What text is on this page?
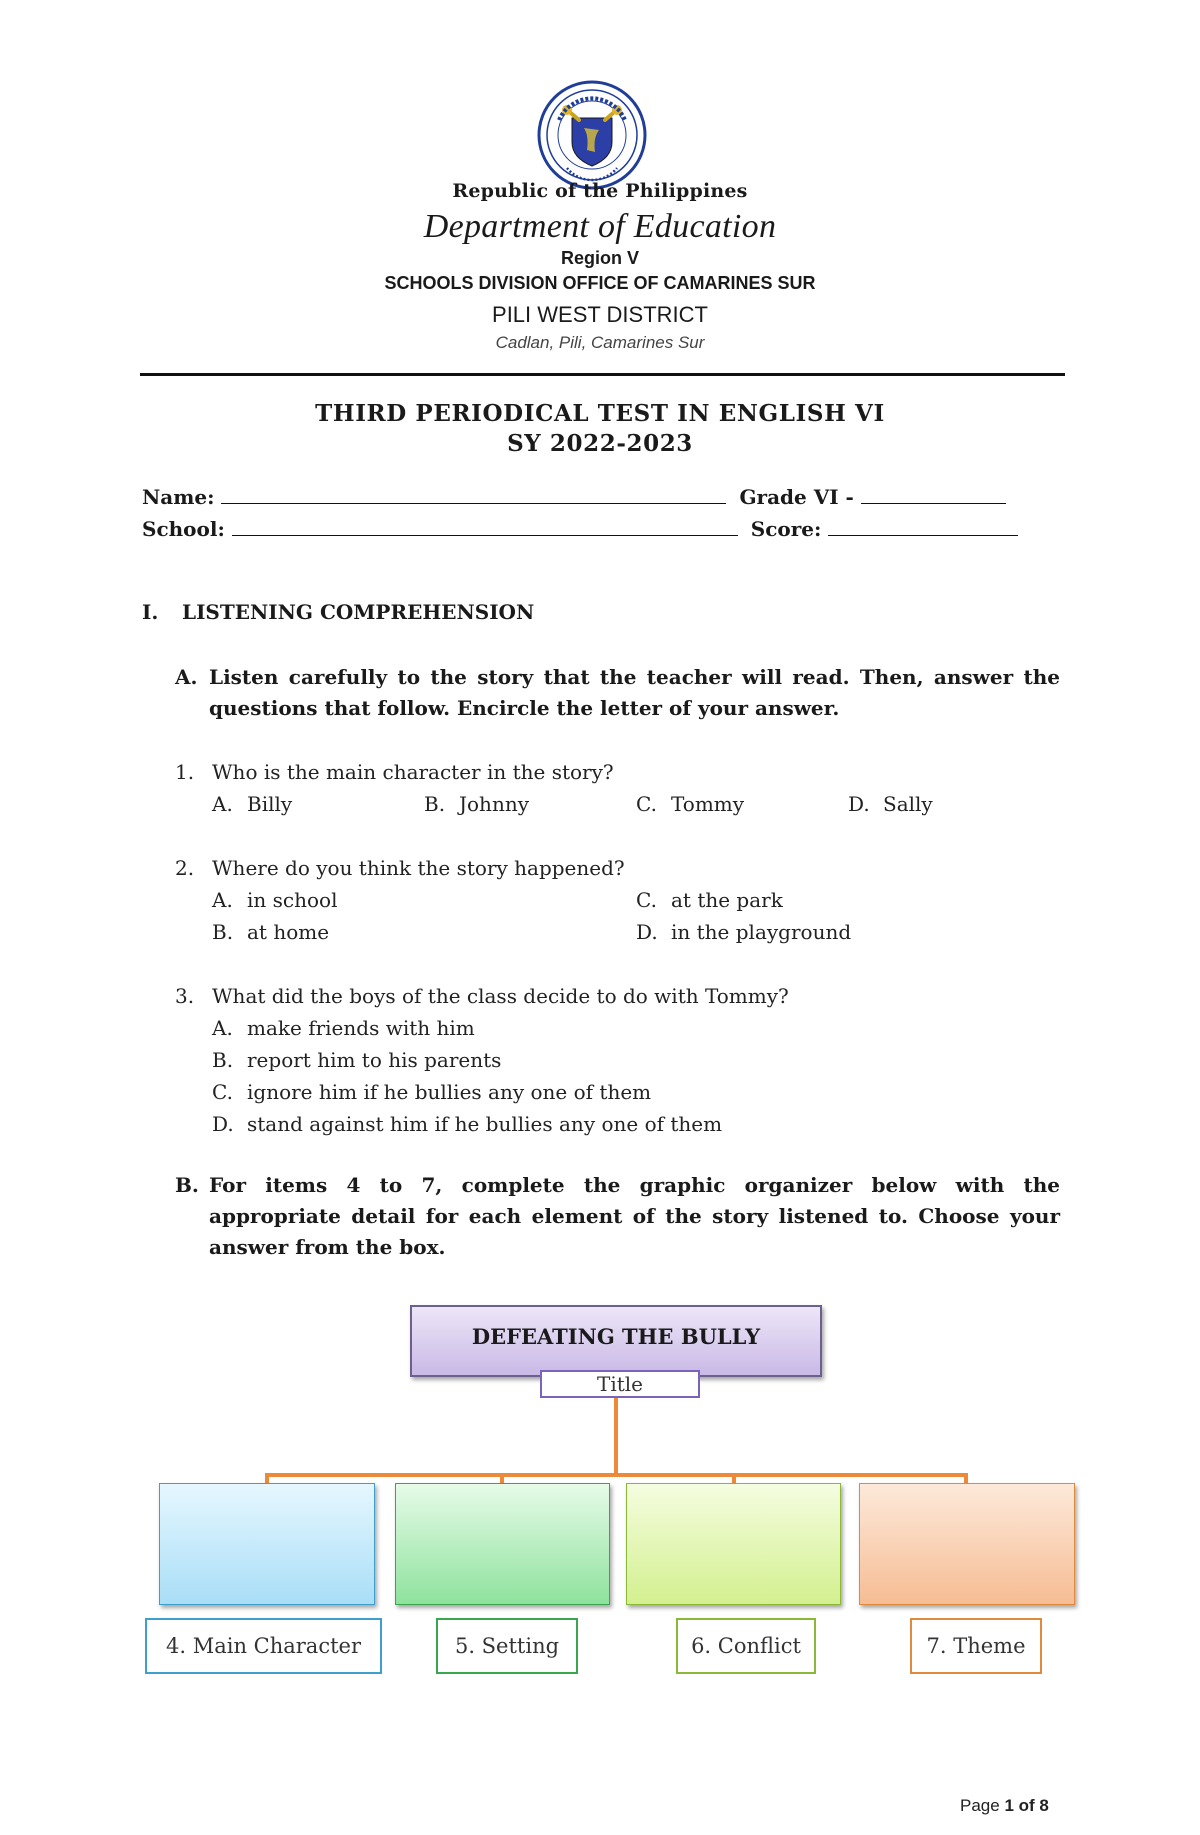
Republic of the Philippines
Department of Education
Region V
SCHOOLS DIVISION OFFICE OF CAMARINES SUR
PILI WEST DISTRICT
Cadlan, Pili, Camarines Sur
THIRD PERIODICAL TEST IN ENGLISH VI
SY 2022-2023
Name:	Grade VI -
School:	Score:
I. LISTENING COMPREHENSION
A. Listen carefully to the story that the teacher will read. Then, answer the questions that follow. Encircle the letter of your answer.
1. Who is the main character in the story?
A. Billy	B. Johnny	C. Tommy	D. Sally
2. Where do you think the story happened?
A. in school	C. at the park
B. at home	D. in the playground
3. What did the boys of the class decide to do with Tommy?
A. make friends with him
B. report him to his parents
C. ignore him if he bullies any one of them
D. stand against him if he bullies any one of them
B. For items 4 to 7, complete the graphic organizer below with the appropriate detail for each element of the story listened to. Choose your answer from the box.
DEFEATING THE BULLY
Title
4. Main Character	5. Setting	6. Conflict	7. Theme
Page 1 of 8
